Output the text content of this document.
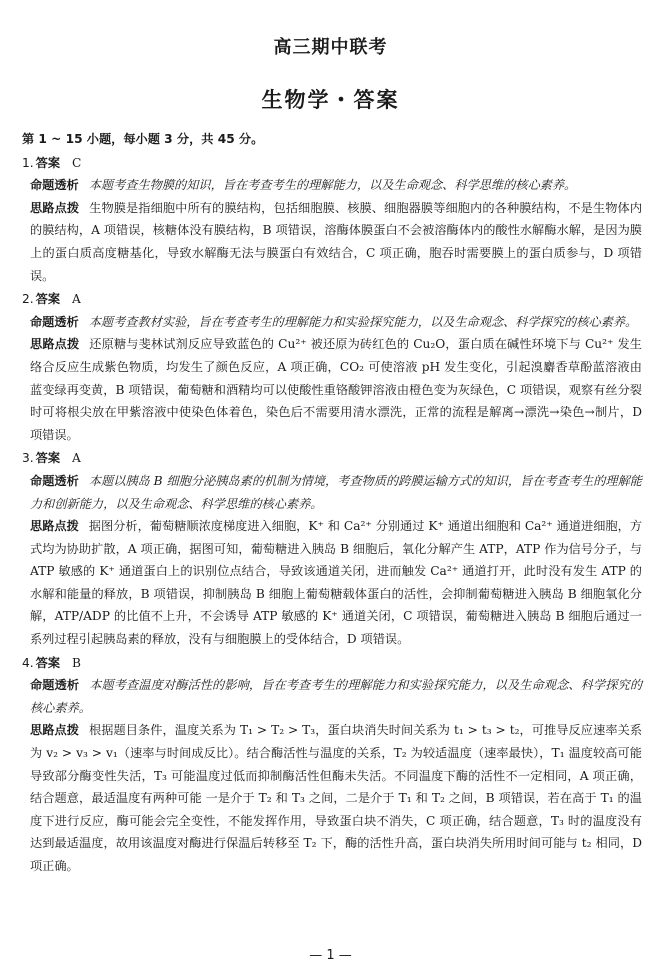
高三期中联考
生物学・答案
第 1 ~ 15 小题，每小题 3 分，共 45 分。
1. 答案 C
命题透析 本题考查生物膜的知识，旨在考查考生的理解能力，以及生命观念、科学思维的核心素养。
思路点拨 生物膜是指细胞中所有的膜结构，包括细胞膜、核膜、细胞器膜等细胞内的各种膜结构，不是生物体内的膜结构，A 项错误，核糖体没有膜结构，B 项错误，溶酶体膜蛋白不会被溶酶体内的酸性水解酶水解，是因为膜上的蛋白质高度糖基化，导致水解酶无法与膜蛋白有效结合，C 项正确，胞吞时需要膜上的蛋白质参与，D 项错误。
2. 答案 A
命题透析 本题考查教材实验，旨在考查考生的理解能力和实验探究能力，以及生命观念、科学探究的核心素养。
思路点拨 还原糖与斐林试剂反应导致蓝色的 Cu²⁺ 被还原为砖红色的 Cu₂O，蛋白质在碱性环境下与 Cu²⁺ 发生络合反应生成紫色物质，均发生了颜色反应，A 项正确，CO₂ 可使溶液 pH 发生变化，引起溴麝香草酚蓝溶液由蓝变绿再变黄，B 项错误，葡萄糖和酒精均可以使酸性重铬酸钾溶液由橙色变为灰绿色，C 项错误，观察有丝分裂时可将根尖放在甲紫溶液中使染色体着色，染色后不需要用清水漂洗，正常的流程是解离→漂洗→染色→制片，D 项错误。
3. 答案 A
命题透析 本题以胰岛 B 细胞分泌胰岛素的机制为情境，考查物质的跨膜运输方式的知识，旨在考查考生的理解能力和创新能力，以及生命观念、科学思维的核心素养。
思路点拨 据图分析，葡萄糖顺浓度梯度进入细胞，K⁺ 和 Ca²⁺ 分别通过 K⁺ 通道出细胞和 Ca²⁺ 通道进细胞，方式均为协助扩散，A 项正确，据图可知，葡萄糖进入胰岛 B 细胞后，氧化分解产生 ATP，ATP 作为信号分子，与 ATP 敏感的 K⁺ 通道蛋白上的识别位点结合，导致该通道关闭，进而触发 Ca²⁺ 通道打开，此时没有发生 ATP 的水解和能量的释放，B 项错误，抑制胰岛 B 细胞上葡萄糖载体蛋白的活性，会抑制葡萄糖进入胰岛 B 细胞氧化分解，ATP/ADP 的比值不上升，不会诱导 ATP 敏感的 K⁺ 通道关闭，C 项错误，葡萄糖进入胰岛 B 细胞后通过一系列过程引起胰岛素的释放，没有与细胞膜上的受体结合，D 项错误。
4. 答案 B
命题透析 本题考查温度对酶活性的影响，旨在考查考生的理解能力和实验探究能力，以及生命观念、科学探究的核心素养。
思路点拨 根据题目条件，温度关系为 T₁ > T₂ > T₃，蛋白块消失时间关系为 t₁ > t₃ > t₂，可推导反应速率关系为 v₂ > v₃ > v₁（速率与时间成反比）。结合酶活性与温度的关系，T₂ 为较适温度（速率最快），T₁ 温度较高可能导致部分酶变性失活，T₃ 可能温度过低而抑制酶活性但酶未失活。不同温度下酶的活性不一定相同，A 项正确，结合题意，最适温度有两种可能 一是介于 T₂ 和 T₃ 之间，二是介于 T₁ 和 T₂ 之间，B 项错误，若在高于 T₁ 的温度下进行反应，酶可能会完全变性，不能发挥作用，导致蛋白块不消失，C 项正确，结合题意，T₃ 时的温度没有达到最适温度，故用该温度对酶进行保温后转移至 T₂ 下，酶的活性升高，蛋白块消失所用时间可能与 t₂ 相同，D 项正确。
— 1 —
